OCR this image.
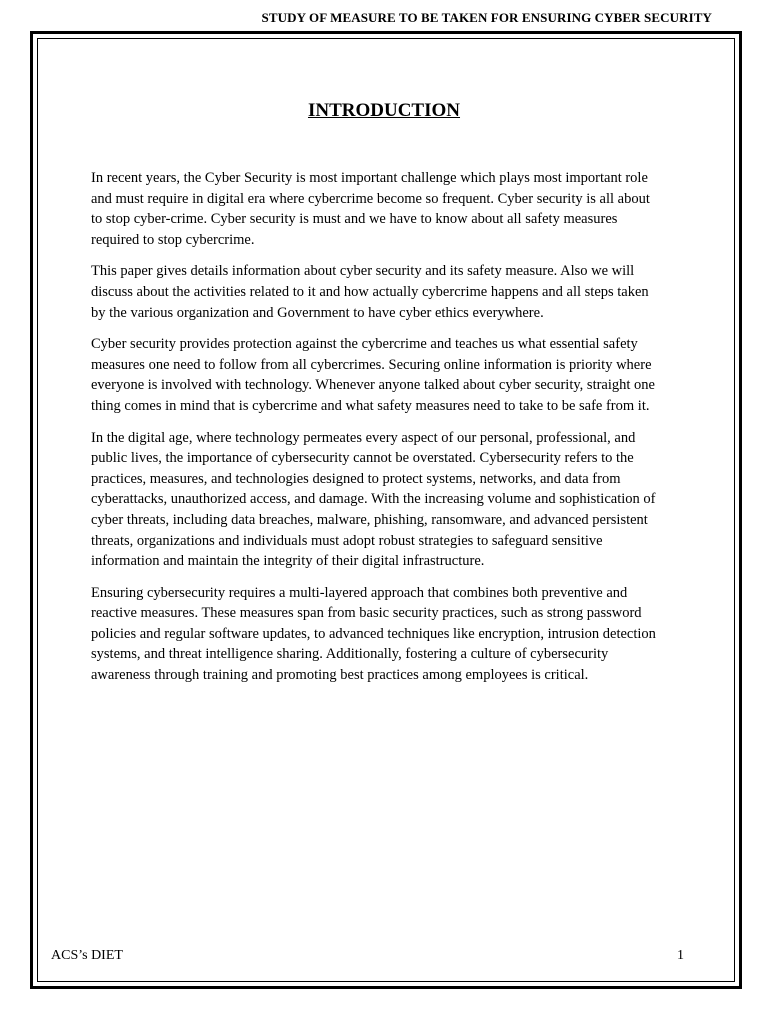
STUDY OF MEASURE TO BE TAKEN FOR ENSURING CYBER SECURITY
INTRODUCTION

In recent years, the Cyber Security is most important challenge which plays most important role and must require in digital era where cybercrime become so frequent. Cyber security is all about to stop cyber-crime. Cyber security is must and we have to know about all safety measures required to stop cybercrime.

This paper gives details information about cyber security and its safety measure. Also we will discuss about the activities related to it and how actually cybercrime happens and all steps taken by the various organization and Government to have cyber ethics everywhere.

Cyber security provides protection against the cybercrime and teaches us what essential safety measures one need to follow from all cybercrimes. Securing online information is priority where everyone is involved with technology. Whenever anyone talked about cyber security, straight one thing comes in mind that is cybercrime and what safety measures need to take to be safe from it.

In the digital age, where technology permeates every aspect of our personal, professional, and public lives, the importance of cybersecurity cannot be overstated. Cybersecurity refers to the practices, measures, and technologies designed to protect systems, networks, and data from cyberattacks, unauthorized access, and damage. With the increasing volume and sophistication of cyber threats, including data breaches, malware, phishing, ransomware, and advanced persistent threats, organizations and individuals must adopt robust strategies to safeguard sensitive information and maintain the integrity of their digital infrastructure.

Ensuring cybersecurity requires a multi-layered approach that combines both preventive and reactive measures. These measures span from basic security practices, such as strong password policies and regular software updates, to advanced techniques like encryption, intrusion detection systems, and threat intelligence sharing. Additionally, fostering a culture of cybersecurity awareness through training and promoting best practices among employees is critical.

ACS’s DIET	1
